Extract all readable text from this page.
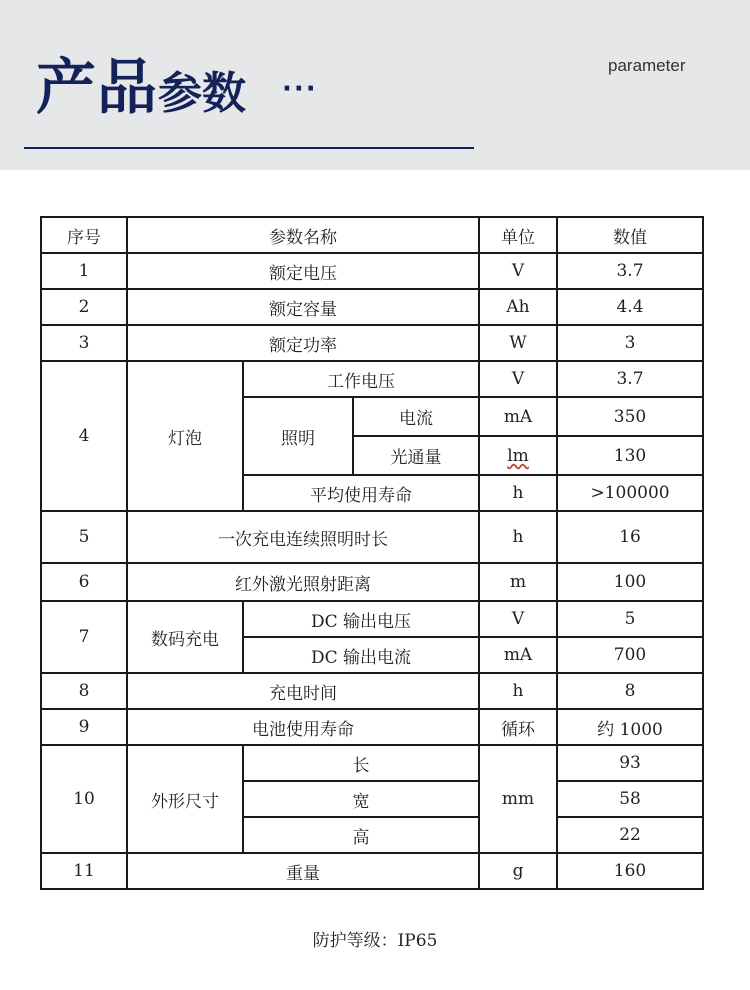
产品 参数 ···
parameter
序号	参数名称			单位	数值
1	额定电压			V	3.7
2	额定容量			Ah	4.4
3	额定功率			W	3
4	灯泡	工作电压		V	3.7
		照明	电流	mA	350
			光通量	lm	130
		平均使用寿命		h	>100000
5	一次充电连续照明时长			h	16
6	红外激光照射距离			m	100
7	数码充电	DC 输出电压		V	5
		DC 输出电流		mA	700
8	充电时间			h	8
9	电池使用寿命			循环	约 1000
10	外形尺寸	长		mm	93
		宽			58
		高			22
11	重量			g	160
防护等级：IP65
